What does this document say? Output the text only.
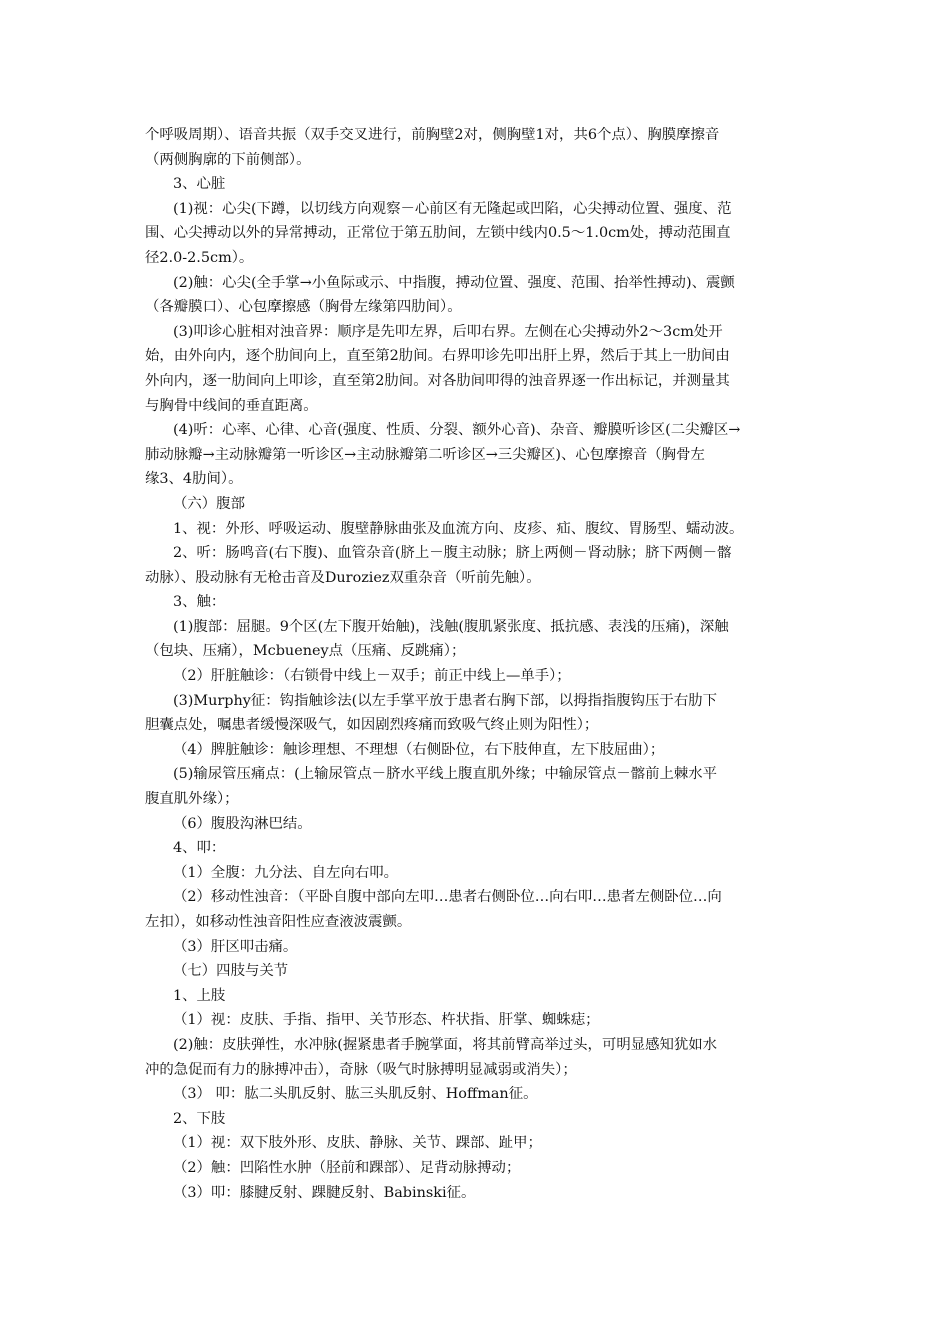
个呼吸周期）、语音共振（双手交叉进行，前胸壁2对，侧胸壁1对，共6个点）、胸膜摩擦音
（两侧胸廓的下前侧部）。
3、心脏
(1)视：心尖(下蹲，以切线方向观察－心前区有无隆起或凹陷，心尖搏动位置、强度、范
围、心尖搏动以外的异常搏动，正常位于第五肋间，左锁中线内0.5～1.0cm处，搏动范围直
径2.0-2.5cm）。
(2)触：心尖(全手掌→小鱼际或示、中指腹，搏动位置、强度、范围、抬举性搏动)、震颤
（各瓣膜口）、心包摩擦感（胸骨左缘第四肋间）。
(3)叩诊心脏相对浊音界：顺序是先叩左界，后叩右界。左侧在心尖搏动外2～3cm处开
始，由外向内，逐个肋间向上，直至第2肋间。右界叩诊先叩出肝上界，然后于其上一肋间由
外向内，逐一肋间向上叩诊，直至第2肋间。对各肋间叩得的浊音界逐一作出标记，并测量其
与胸骨中线间的垂直距离。
(4)听：心率、心律、心音(强度、性质、分裂、额外心音)、杂音、瓣膜听诊区(二尖瓣区→
肺动脉瓣→主动脉瓣第一听诊区→主动脉瓣第二听诊区→三尖瓣区)、心包摩擦音（胸骨左
缘3、4肋间）。
（六）腹部
1、视：外形、呼吸运动、腹壁静脉曲张及血流方向、皮疹、疝、腹纹、胃肠型、蠕动波。
2、听：肠鸣音(右下腹)、血管杂音(脐上－腹主动脉；脐上两侧－肾动脉；脐下两侧－髂
动脉）、股动脉有无枪击音及Duroziez双重杂音（听前先触）。
3、触：
(1)腹部：屈腿。9个区(左下腹开始触)，浅触(腹肌紧张度、抵抗感、表浅的压痛)，深触
（包块、压痛），Mcbueney点（压痛、反跳痛）；
（2）肝脏触诊：（右锁骨中线上－双手；前正中线上—单手）；
(3)Murphy征：钩指触诊法(以左手掌平放于患者右胸下部，以拇指指腹钩压于右肋下
胆囊点处，嘱患者缓慢深吸气，如因剧烈疼痛而致吸气终止则为阳性）；
（4）脾脏触诊：触诊理想、不理想（右侧卧位，右下肢伸直，左下肢屈曲）；
(5)输尿管压痛点：(上输尿管点－脐水平线上腹直肌外缘；中输尿管点－髂前上棘水平
腹直肌外缘）；
（6）腹股沟淋巴结。
4、叩：
（1）全腹：九分法、自左向右叩。
（2）移动性浊音：（平卧自腹中部向左叩…患者右侧卧位…向右叩…患者左侧卧位…向
左扣），如移动性浊音阳性应查液波震颤。
（3）肝区叩击痛。
（七）四肢与关节
1、上肢
（1）视：皮肤、手指、指甲、关节形态、杵状指、肝掌、蜘蛛痣；
(2)触：皮肤弹性，水冲脉(握紧患者手腕掌面，将其前臂高举过头，可明显感知犹如水
冲的急促而有力的脉搏冲击），奇脉（吸气时脉搏明显减弱或消失）；
（3） 叩：肱二头肌反射、肱三头肌反射、Hoffman征。
2、下肢
（1）视：双下肢外形、皮肤、静脉、关节、踝部、趾甲；
（2）触：凹陷性水肿（胫前和踝部）、足背动脉搏动；
（3）叩：膝腱反射、踝腱反射、Babinski征。
